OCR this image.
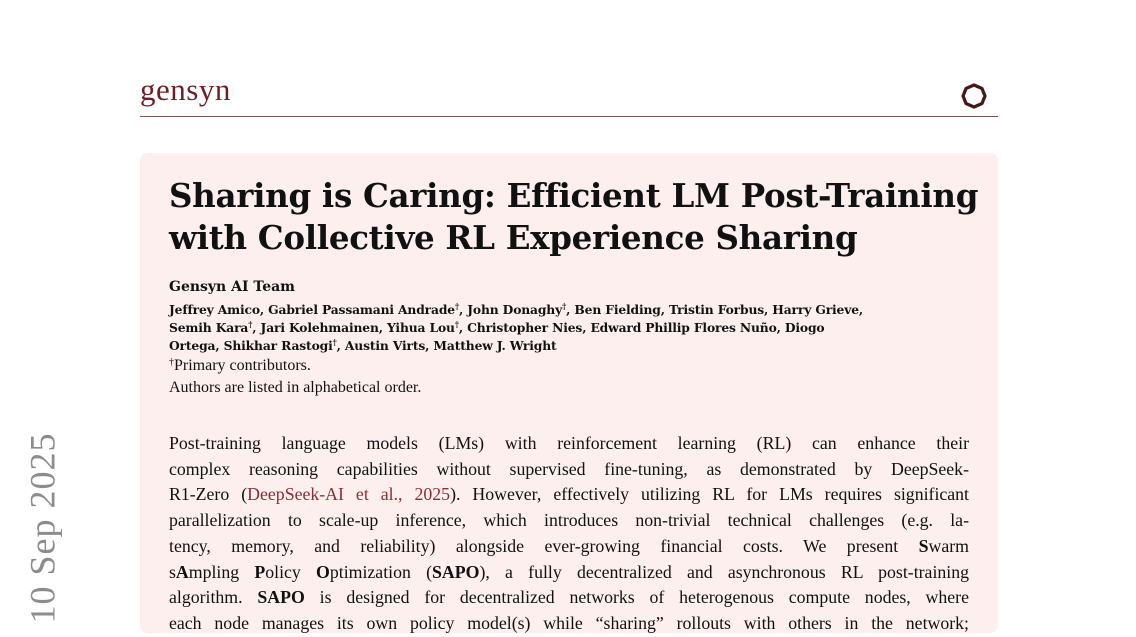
10 Sep 2025
gensyn
Sharing is Caring: Efficient LM Post-Training
with Collective RL Experience Sharing
Gensyn AI Team
Jeffrey Amico, Gabriel Passamani Andrade†, John Donaghy†, Ben Fielding, Tristin Forbus, Harry Grieve,
Semih Kara†, Jari Kolehmainen, Yihua Lou†, Christopher Nies, Edward Phillip Flores Nuño, Diogo
Ortega, Shikhar Rastogi†, Austin Virts, Matthew J. Wright
†Primary contributors.
Authors are listed in alphabetical order.
Post-training language models (LMs) with reinforcement learning (RL) can enhance their
complex reasoning capabilities without supervised fine-tuning, as demonstrated by DeepSeek-
R1-Zero (DeepSeek-AI et al., 2025). However, effectively utilizing RL for LMs requires significant
parallelization to scale-up inference, which introduces non-trivial technical challenges (e.g. la-
tency, memory, and reliability) alongside ever-growing financial costs. We present Swarm
sAmpling Policy Optimization (SAPO), a fully decentralized and asynchronous RL post-training
algorithm. SAPO is designed for decentralized networks of heterogenous compute nodes, where
each node manages its own policy model(s) while “sharing” rollouts with others in the network;
